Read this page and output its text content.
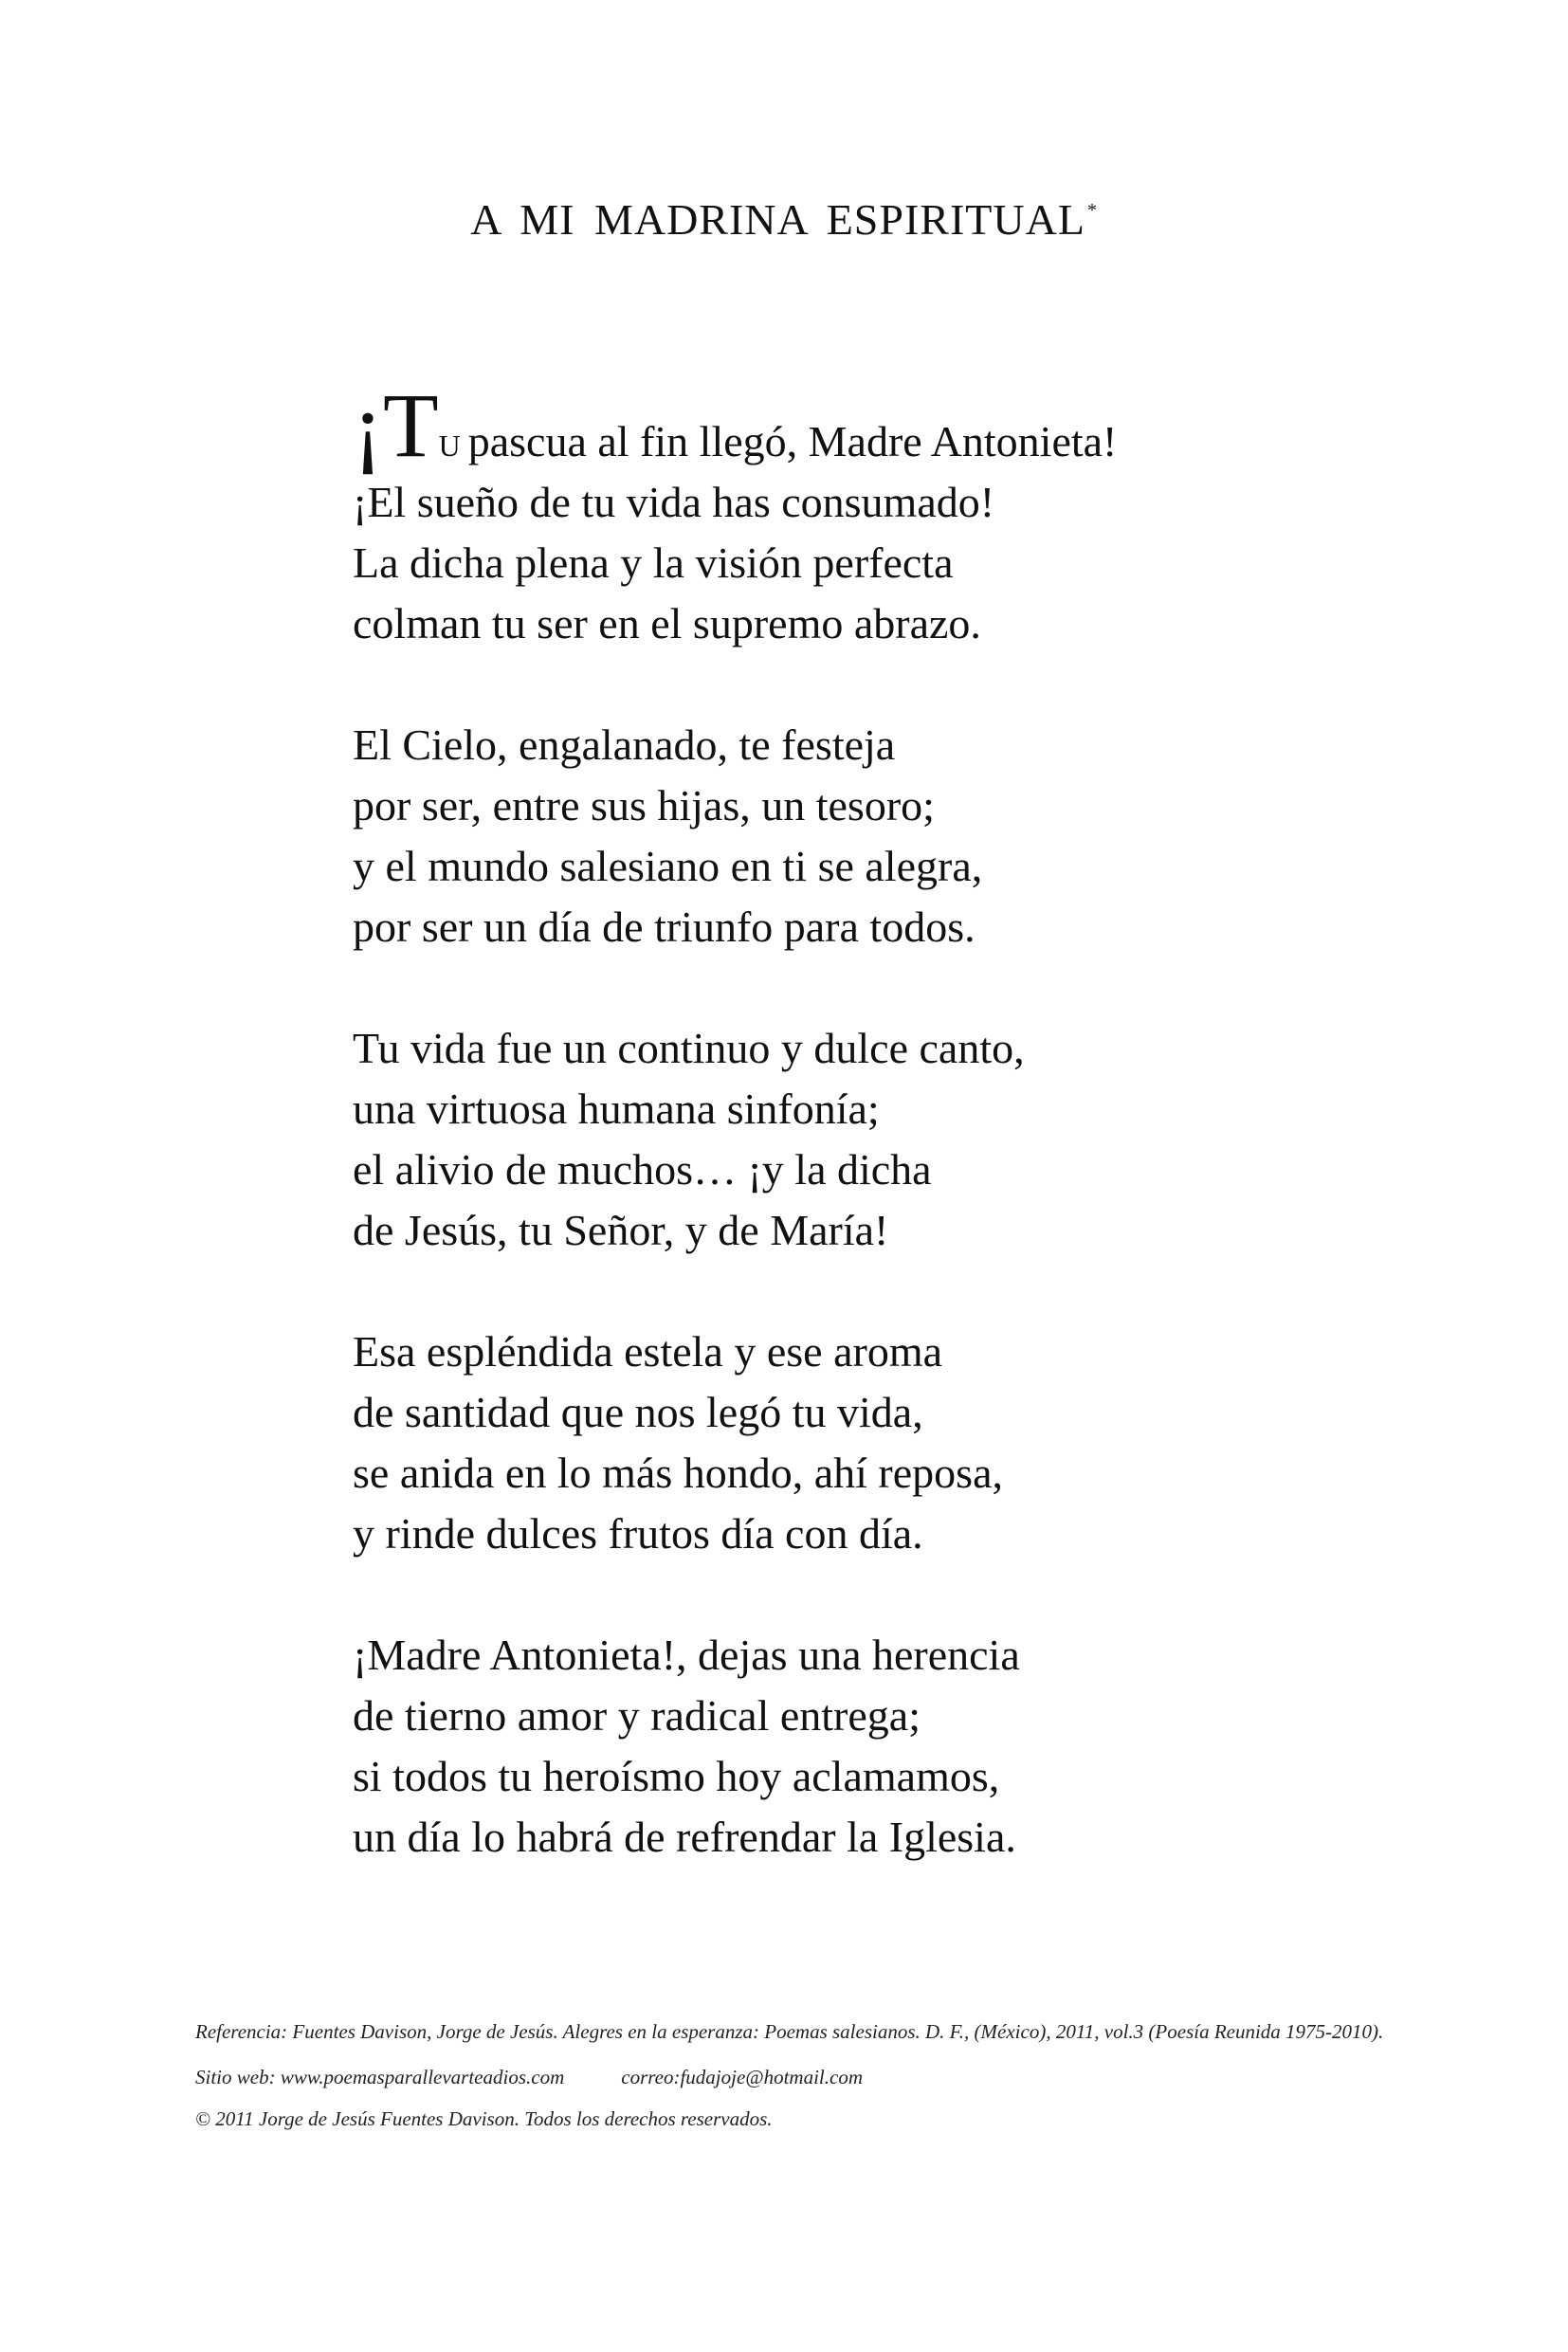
A MI MADRINA ESPIRITUAL *
¡TU pascua al fin llegó, Madre Antonieta!
¡El sueño de tu vida has consumado!
La dicha plena y la visión perfecta
colman tu ser en el supremo abrazo.
El Cielo, engalanado, te festeja
por ser, entre sus hijas, un tesoro;
y el mundo salesiano en ti se alegra,
por ser un día de triunfo para todos.
Tu vida fue un continuo y dulce canto,
una virtuosa humana sinfonía;
el alivio de muchos… ¡y la dicha
de Jesús, tu Señor, y de María!
Esa espléndida estela y ese aroma
de santidad que nos legó tu vida,
se anida en lo más hondo, ahí reposa,
y rinde dulces frutos día con día.
¡Madre Antonieta!, dejas una herencia
de tierno amor y radical entrega;
si todos tu heroísmo hoy aclamamos,
un día lo habrá de refrendar la Iglesia.

Referencia: Fuentes Davison, Jorge de Jesús. Alegres en la esperanza: Poemas salesianos. D. F., (México), 2011, vol.3 (Poesía Reunida 1975-2010).

Sitio web: www.poemasparallevarteadios.com	correo:fudajoje@hotmail.com

© 2011 Jorge de Jesús Fuentes Davison. Todos los derechos reservados.
